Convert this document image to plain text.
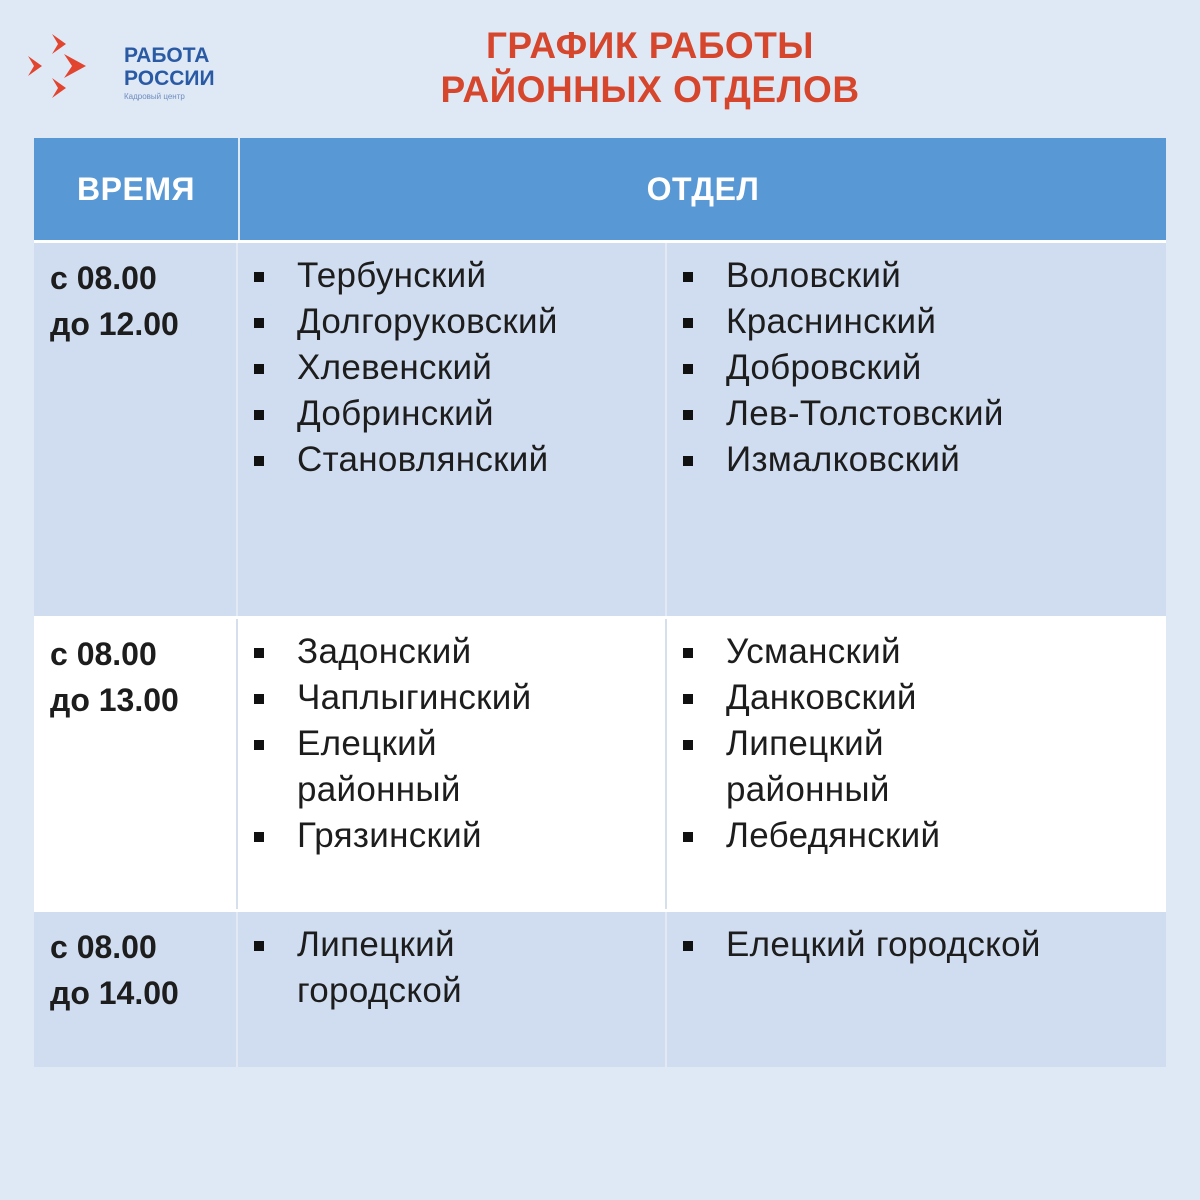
РАБОТА
РОССИИ
Кадровый центр
ГРАФИК РАБОТЫ
РАЙОННЫХ ОТДЕЛОВ
ВРЕМЯ	ОТДЕЛ
с 08.00
до 12.00
Тербунский
Долгоруковский
Хлевенский
Добринский
Становлянский
Воловский
Краснинский
Добровский
Лев-Толстовский
Измалковский
с 08.00
до 13.00
Задонский
Чаплыгинский
Елецкий районный
Грязинский
Усманский
Данковский
Липецкий районный
Лебедянский
с 08.00
до 14.00
Липецкий городской
Елецкий городской
